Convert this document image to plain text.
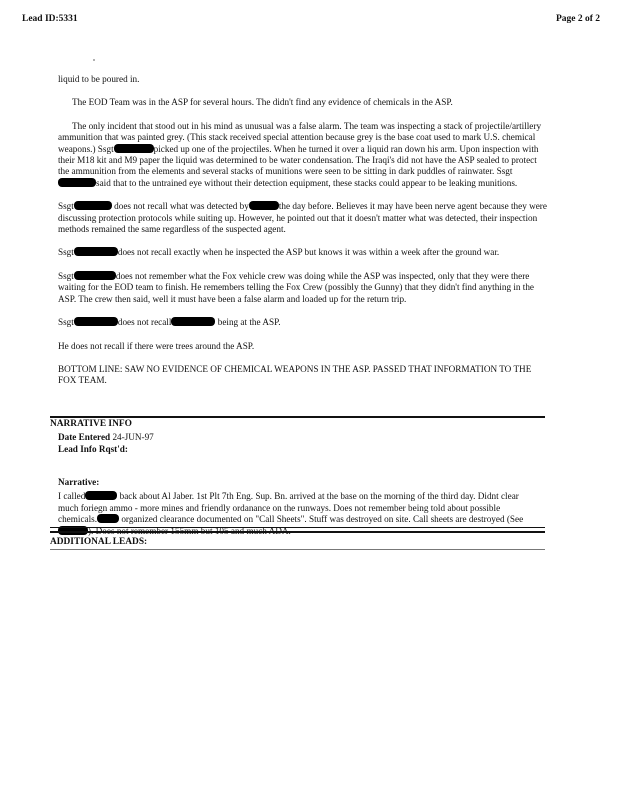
Lead ID:5331	Page 2 of 2

liquid to be poured in.

The EOD Team was in the ASP for several hours. The didn't find any evidence of chemicals in the ASP.

The only incident that stood out in his mind as unusual was a false alarm. The team was inspecting a stack of projectile/artillery ammunition that was painted grey. (This stack received special attention because grey is the base coat used to mark U.S. chemical weapons.) Ssgt	picked up one of the projectiles. When he turned it over a liquid ran down his arm. Upon inspection with their M18 kit and M9 paper the liquid was determined to be water condensation. The Iraqi's did not have the ASP sealed to protect the ammunition from the elements and several stacks of munitions were seen to be sitting in dark puddles of rainwater. Ssgtsaid that to the untrained eye without their detection equipment, these stacks could appear to be leaking munitions.

Ssgt	does not recall what was detected by	the day before. Believes it may have been nerve agent because they were discussing protection protocols while suiting up. However, he pointed out that it doesn't matter what was detected, their inspection methods remained the same regardless of the suspected agent.

Ssgt	does not recall exactly when he inspected the ASP but knows it was within a week after the ground war.

Ssgt	does not remember what the Fox vehicle crew was doing while the ASP was inspected, only that they were there waiting for the EOD team to finish. He remembers telling the Fox Crew (possibly the Gunny) that they didn't find anything in the ASP. The crew then said, well it must have been a false alarm and loaded up for the return trip.

Ssgt	does not recall	being at the ASP.

He does not recall if there were trees around the ASP.

BOTTOM LINE: SAW NO EVIDENCE OF CHEMICAL WEAPONS IN THE ASP. PASSED THAT INFORMATION TO THE FOX TEAM.

NARRATIVE INFO
Date Entered 24-JUN-97
Lead Info Rqst'd:
Narrative:
I called	back about Al Jaber. 1st Plt 7th Eng. Sup. Bn. arrived at the base on the morning of the third day. Didnt clear much foriegn ammo - more mines and friendly ordanance on the runways. Does not remember being told about possible chemicals. organized clearance documented on "Call Sheets". Stuff was destroyed on site. Call sheets are destroyed (See
ADDITIONAL LEADS:
